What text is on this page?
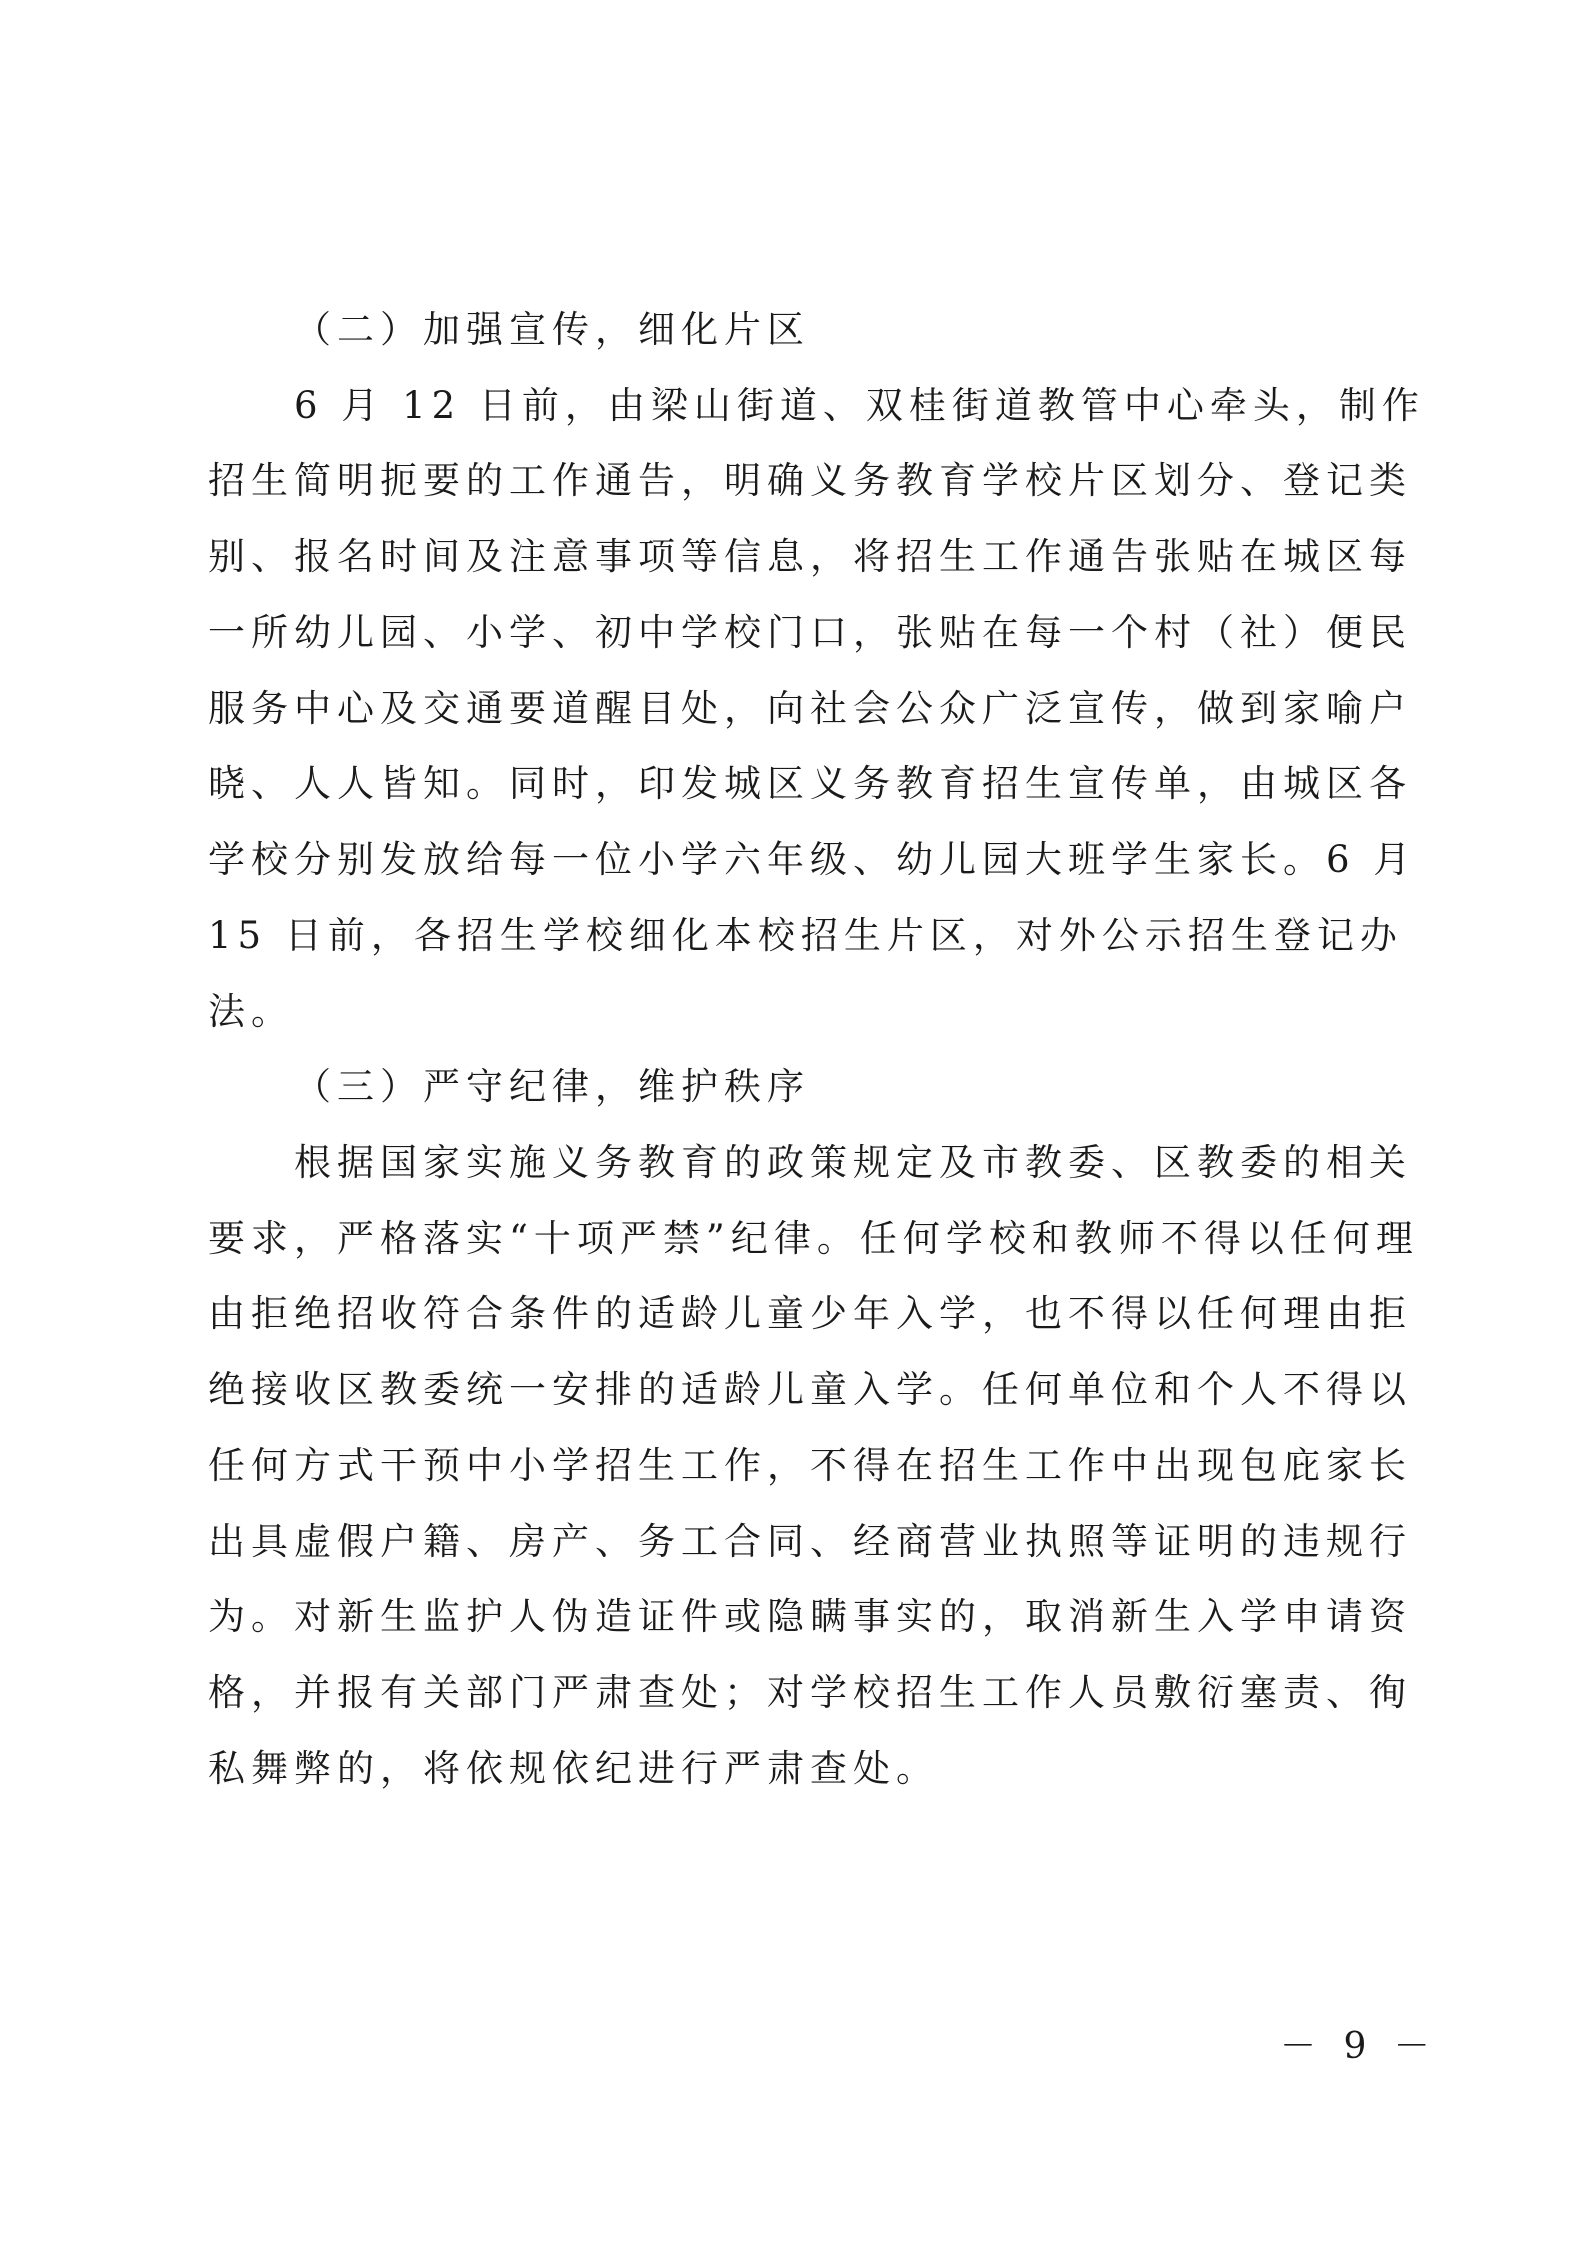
（二）加强宣传，细化片区
6 月 12 日前，由梁山街道、双桂街道教管中心牵头，制作
招生简明扼要的工作通告，明确义务教育学校片区划分、登记类
别、报名时间及注意事项等信息，将招生工作通告张贴在城区每
一所幼儿园、小学、初中学校门口，张贴在每一个村（社）便民
服务中心及交通要道醒目处，向社会公众广泛宣传，做到家喻户
晓、人人皆知。同时，印发城区义务教育招生宣传单，由城区各
学校分别发放给每一位小学六年级、幼儿园大班学生家长。6 月
15 日前，各招生学校细化本校招生片区，对外公示招生登记办
法。
（三）严守纪律，维护秩序
根据国家实施义务教育的政策规定及市教委、区教委的相关
要求，严格落实“十项严禁”纪律。任何学校和教师不得以任何理
由拒绝招收符合条件的适龄儿童少年入学，也不得以任何理由拒
绝接收区教委统一安排的适龄儿童入学。任何单位和个人不得以
任何方式干预中小学招生工作，不得在招生工作中出现包庇家长
出具虚假户籍、房产、务工合同、经商营业执照等证明的违规行
为。对新生监护人伪造证件或隐瞒事实的，取消新生入学申请资
格，并报有关部门严肃查处；对学校招生工作人员敷衍塞责、徇
私舞弊的，将依规依纪进行严肃查处。
－ 9 －
